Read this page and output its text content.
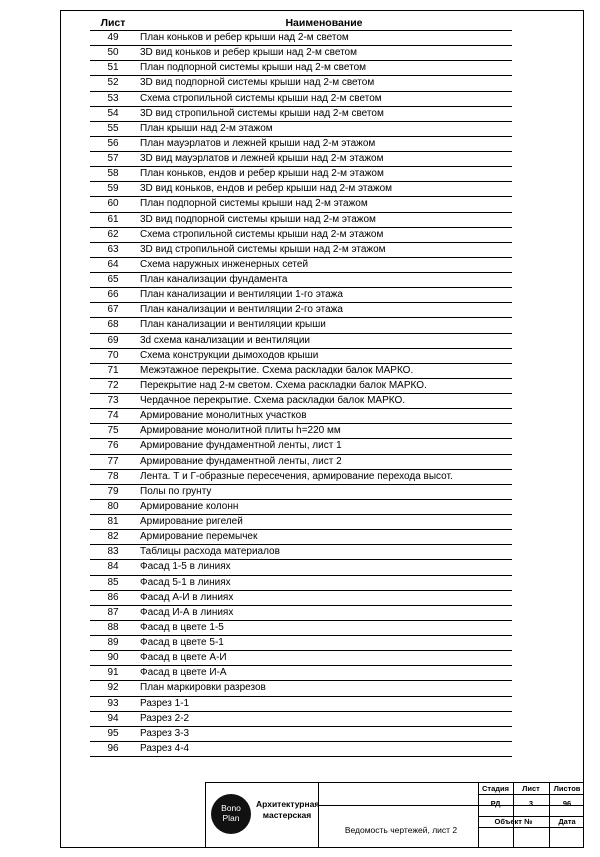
Лист	Наименование
49	План коньков и ребер крыши над 2-м светом
50	3D вид коньков и ребер крыши над 2-м светом
51	План подпорной системы крыши над 2-м светом
52	3D вид подпорной системы крыши над 2-м светом
53	Схема стропильной системы крыши над 2-м светом
54	3D вид стропильной системы крыши над 2-м светом
55	План крыши над 2-м этажом
56	План мауэрлатов и лежней крыши над 2-м этажом
57	3D вид мауэрлатов и лежней крыши над 2-м этажом
58	План коньков, ендов и ребер крыши над 2-м этажом
59	3D вид коньков, ендов и ребер крыши над 2-м этажом
60	План подпорной системы крыши над 2-м этажом
61	3D вид подпорной системы крыши над 2-м этажом
62	Схема стропильной системы крыши над 2-м этажом
63	3D вид стропильной системы крыши над 2-м этажом
64	Схема наружных инженерных сетей
65	План канализации фундамента
66	План канализации и вентиляции 1-го этажа
67	План канализации и вентиляции 2-го этажа
68	План канализации и вентиляции крыши
69	3d схема канализации и вентиляции
70	Схема конструкции дымоходов крыши
71	Межэтажное перекрытие. Схема раскладки балок МАРКО.
72	Перекрытие над 2-м светом. Схема раскладки балок МАРКО.
73	Чердачное перекрытие. Схема раскладки балок МАРКО.
74	Армирование монолитных участков
75	Армирование монолитной плиты h=220 мм
76	Армирование фундаментной ленты, лист 1
77	Армирование фундаментной ленты, лист 2
78	Лента. Т и Г-образные пересечения, армирование перехода высот.
79	Полы по грунту
80	Армирование колонн
81	Армирование ригелей
82	Армирование перемычек
83	Таблицы расхода материалов
84	Фасад 1-5 в линиях
85	Фасад 5-1 в линиях
86	Фасад А-И в линиях
87	Фасад И-А в линиях
88	Фасад в цвете 1-5
89	Фасад в цвете 5-1
90	Фасад в цвете А-И
91	Фасад в цвете И-А
92	План маркировки разрезов
93	Разрез 1-1
94	Разрез 2-2
95	Разрез 3-3
96	Разрез 4-4
Bono
Plan
Архитектурная мастерская
Ведомость чертежей, лист 2
Стадия	Лист	Листов
РД	3	96
Объект №	Дата
